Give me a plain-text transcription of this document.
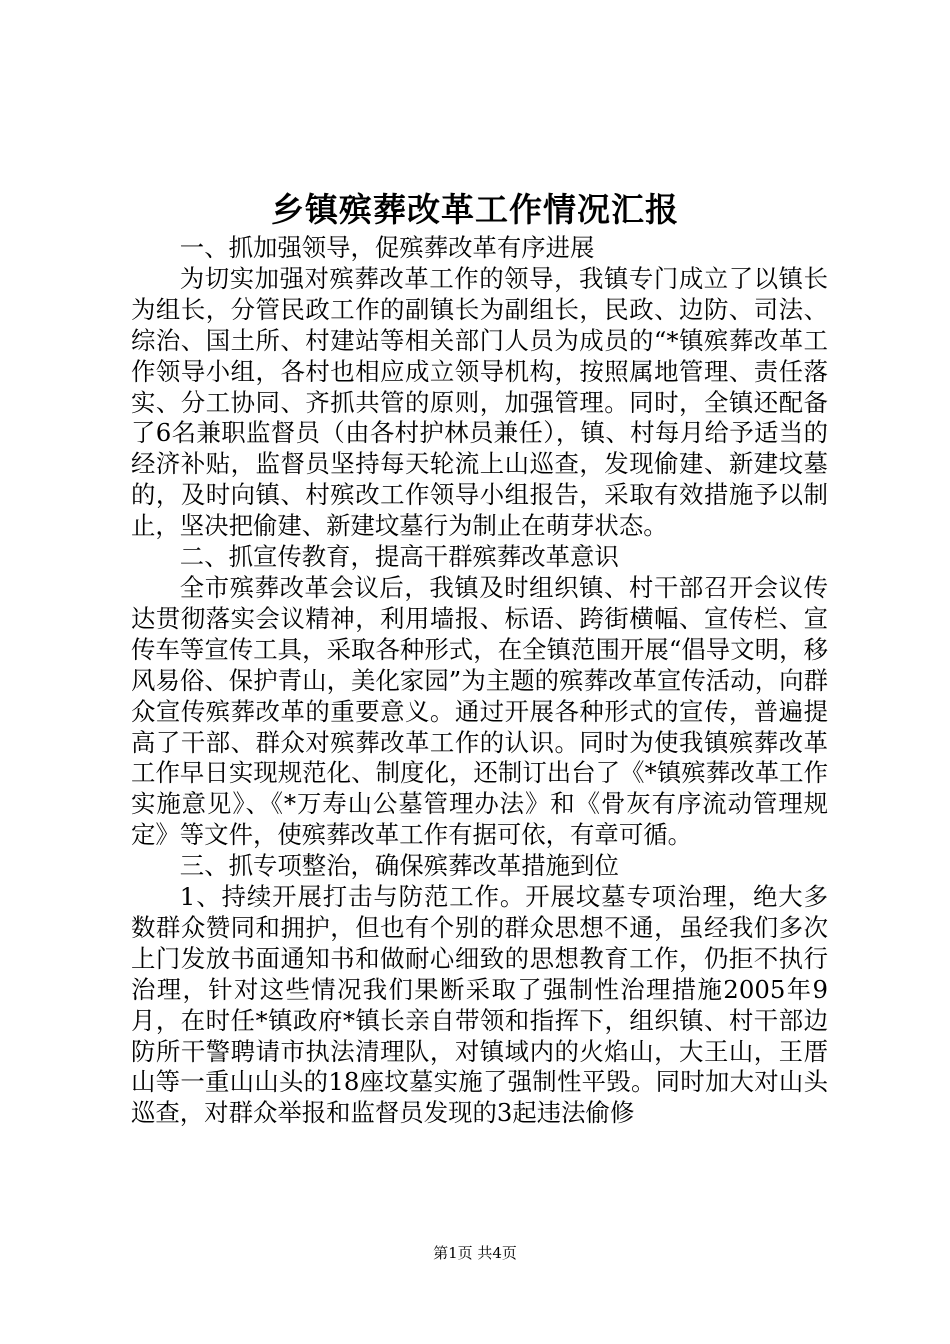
乡镇殡葬改革工作情况汇报

一、抓加强领导，促殡葬改革有序进展

为切实加强对殡葬改革工作的领导，我镇专门成立了以镇长为组长，分管民政工作的副镇长为副组长，民政、边防、司法、综治、国土所、村建站等相关部门人员为成员的“*镇殡葬改革工作领导小组，各村也相应成立领导机构，按照属地管理、责任落实、分工协同、齐抓共管的原则，加强管理。同时，全镇还配备了6名兼职监督员（由各村护林员兼任），镇、村每月给予适当的经济补贴，监督员坚持每天轮流上山巡查，发现偷建、新建坟墓的，及时向镇、村殡改工作领导小组报告，采取有效措施予以制止，坚决把偷建、新建坟墓行为制止在萌芽状态。

二、抓宣传教育，提高干群殡葬改革意识

全市殡葬改革会议后，我镇及时组织镇、村干部召开会议传达贯彻落实会议精神，利用墙报、标语、跨街横幅、宣传栏、宣传车等宣传工具，采取各种形式，在全镇范围开展“倡导文明，移风易俗、保护青山，美化家园”为主题的殡葬改革宣传活动，向群众宣传殡葬改革的重要意义。通过开展各种形式的宣传，普遍提高了干部、群众对殡葬改革工作的认识。同时为使我镇殡葬改革工作早日实现规范化、制度化，还制订出台了《*镇殡葬改革工作实施意见》、《*万寿山公墓管理办法》和《骨灰有序流动管理规定》等文件，使殡葬改革工作有据可依，有章可循。

三、抓专项整治，确保殡葬改革措施到位

1、持续开展打击与防范工作。开展坟墓专项治理，绝大多数群众赞同和拥护，但也有个别的群众思想不通，虽经我们多次上门发放书面通知书和做耐心细致的思想教育工作，仍拒不执行治理，针对这些情况我们果断采取了强制性治理措施2005年9月，在时任*镇政府*镇长亲自带领和指挥下，组织镇、村干部边防所干警聘请市执法清理队，对镇域内的火焰山，大王山，王厝山等一重山山头的18座坟墓实施了强制性平毁。同时加大对山头巡查，对群众举报和监督员发现的3起违法偷修

第1页 共4页
